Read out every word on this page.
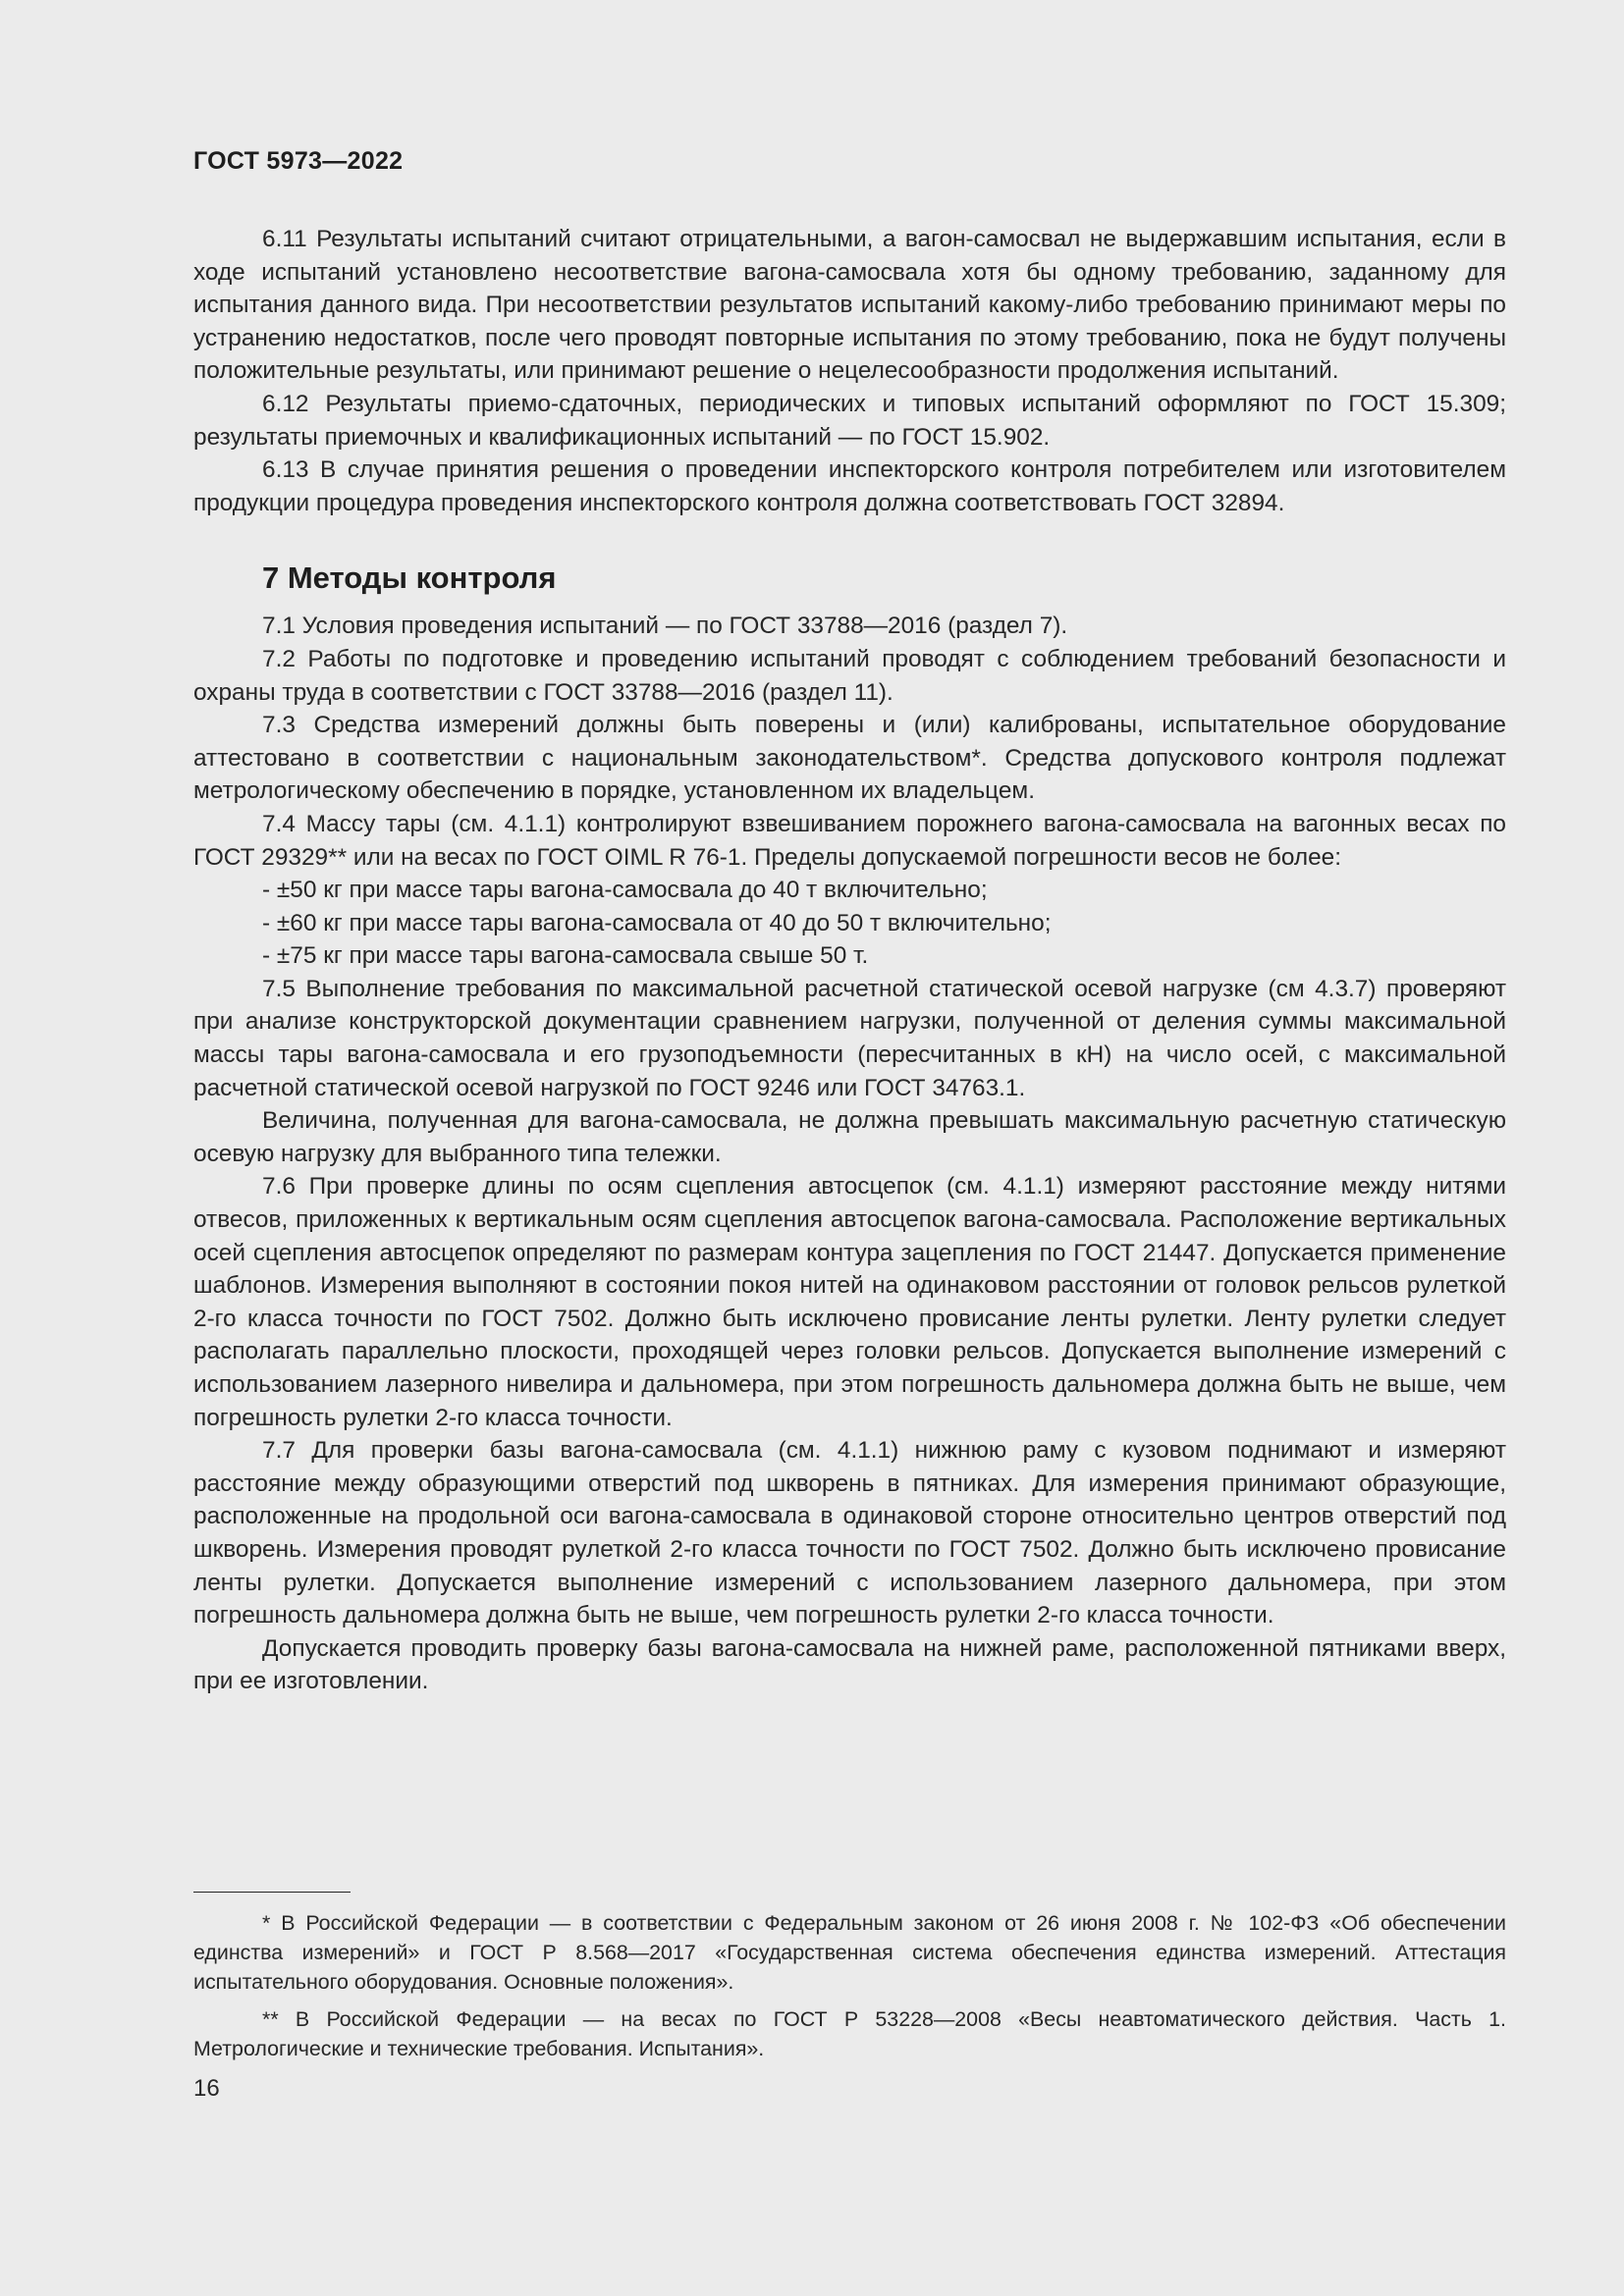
ГОСТ 5973—2022

6.11 Результаты испытаний считают отрицательными, а вагон-самосвал не выдержавшим испытания, если в ходе испытаний установлено несоответствие вагона-самосвала хотя бы одному требованию, заданному для испытания данного вида. При несоответствии результатов испытаний какому-либо требованию принимают меры по устранению недостатков, после чего проводят повторные испытания по этому требованию, пока не будут получены положительные результаты, или принимают решение о нецелесообразности продолжения испытаний.

6.12 Результаты приемо-сдаточных, периодических и типовых испытаний оформляют по ГОСТ 15.309; результаты приемочных и квалификационных испытаний — по ГОСТ 15.902.

6.13 В случае принятия решения о проведении инспекторского контроля потребителем или изготовителем продукции процедура проведения инспекторского контроля должна соответствовать ГОСТ 32894.

7 Методы контроля

7.1 Условия проведения испытаний — по ГОСТ 33788—2016 (раздел 7).

7.2 Работы по подготовке и проведению испытаний проводят с соблюдением требований безопасности и охраны труда в соответствии с ГОСТ 33788—2016 (раздел 11).

7.3 Средства измерений должны быть поверены и (или) калиброваны, испытательное оборудование аттестовано в соответствии с национальным законодательством*. Средства допускового контроля подлежат метрологическому обеспечению в порядке, установленном их владельцем.

7.4 Массу тары (см. 4.1.1) контролируют взвешиванием порожнего вагона-самосвала на вагонных весах по ГОСТ 29329** или на весах по ГОСТ OIML R 76-1. Пределы допускаемой погрешности весов не более:

- ±50 кг при массе тары вагона-самосвала до 40 т включительно;

- ±60 кг при массе тары вагона-самосвала от 40 до 50 т включительно;

- ±75 кг при массе тары вагона-самосвала свыше 50 т.

7.5 Выполнение требования по максимальной расчетной статической осевой нагрузке (см 4.3.7) проверяют при анализе конструкторской документации сравнением нагрузки, полученной от деления суммы максимальной массы тары вагона-самосвала и его грузоподъемности (пересчитанных в кН) на число осей, с максимальной расчетной статической осевой нагрузкой по ГОСТ 9246 или ГОСТ 34763.1.

Величина, полученная для вагона-самосвала, не должна превышать максимальную расчетную статическую осевую нагрузку для выбранного типа тележки.

7.6 При проверке длины по осям сцепления автосцепок (см. 4.1.1) измеряют расстояние между нитями отвесов, приложенных к вертикальным осям сцепления автосцепок вагона-самосвала. Расположение вертикальных осей сцепления автосцепок определяют по размерам контура зацепления по ГОСТ 21447. Допускается применение шаблонов. Измерения выполняют в состоянии покоя нитей на одинаковом расстоянии от головок рельсов рулеткой 2-го класса точности по ГОСТ 7502. Должно быть исключено провисание ленты рулетки. Ленту рулетки следует располагать параллельно плоскости, проходящей через головки рельсов. Допускается выполнение измерений с использованием лазерного нивелира и дальномера, при этом погрешность дальномера должна быть не выше, чем погрешность рулетки 2-го класса точности.

7.7 Для проверки базы вагона-самосвала (см. 4.1.1) нижнюю раму с кузовом поднимают и измеряют расстояние между образующими отверстий под шкворень в пятниках. Для измерения принимают образующие, расположенные на продольной оси вагона-самосвала в одинаковой стороне относительно центров отверстий под шкворень. Измерения проводят рулеткой 2-го класса точности по ГОСТ 7502. Должно быть исключено провисание ленты рулетки. Допускается выполнение измерений с использованием лазерного дальномера, при этом погрешность дальномера должна быть не выше, чем погрешность рулетки 2-го класса точности.

Допускается проводить проверку базы вагона-самосвала на нижней раме, расположенной пятниками вверх, при ее изготовлении.

* В Российской Федерации — в соответствии с Федеральным законом от 26 июня 2008 г. № 102-ФЗ «Об обеспечении единства измерений» и ГОСТ Р 8.568—2017 «Государственная система обеспечения единства измерений. Аттестация испытательного оборудования. Основные положения».

** В Российской Федерации — на весах по ГОСТ Р 53228—2008 «Весы неавтоматического действия. Часть 1. Метрологические и технические требования. Испытания».

16
